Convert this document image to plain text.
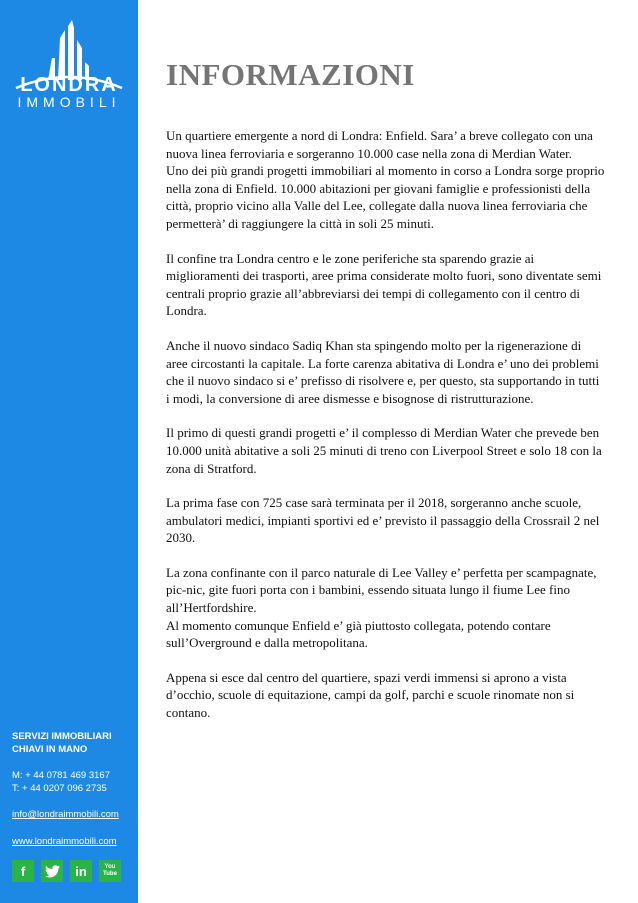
LONDRA
IMMOBILI
SERVIZI IMMOBILIARI
CHIAVI IN MANO
M: + 44 0781 469 3167
T: + 44 0207 096 2735
info@londraimmobili.com
www.londraimmobili.com
f	in	You Tube
INFORMAZIONI

Un quartiere emergente a nord di Londra: Enfield. Sara’ a breve collegato con una nuova linea ferroviaria e sorgeranno 10.000 case nella zona di Merdian Water.
Uno dei più grandi progetti immobiliari al momento in corso a Londra sorge proprio nella zona di Enfield. 10.000 abitazioni per giovani famiglie e professionisti della città, proprio vicino alla Valle del Lee, collegate dalla nuova linea ferroviaria che permetterà’ di raggiungere la città in soli 25 minuti.

Il confine tra Londra centro e le zone periferiche sta sparendo grazie ai miglioramenti dei trasporti, aree prima considerate molto fuori, sono diventate semi centrali proprio grazie all’abbreviarsi dei tempi di collegamento con il centro di Londra.

Anche il nuovo sindaco Sadiq Khan sta spingendo molto per la rigenerazione di aree circostanti la capitale. La forte carenza abitativa di Londra e’ uno dei problemi che il nuovo sindaco si e’ prefisso di risolvere e, per questo, sta supportando in tutti i modi, la conversione di aree dismesse e bisognose di ristrutturazione.

Il primo di questi grandi progetti e’ il complesso di Merdian Water che prevede ben 10.000 unità abitative a soli 25 minuti di treno con Liverpool Street e solo 18 con la zona di Stratford.

La prima fase con 725 case sarà terminata per il 2018, sorgeranno anche scuole, ambulatori medici, impianti sportivi ed e’ previsto il passaggio della Crossrail 2 nel 2030.

La zona confinante con il parco naturale di Lee Valley e’ perfetta per scampagnate, pic-nic, gite fuori porta con i bambini, essendo situata lungo il fiume Lee fino all’Hertfordshire.
Al momento comunque Enfield e’ già piuttosto collegata, potendo contare sull’Overground e dalla metropolitana.

Appena si esce dal centro del quartiere, spazi verdi immensi si aprono a vista d’occhio, scuole di equitazione, campi da golf, parchi e scuole rinomate non si contano.
